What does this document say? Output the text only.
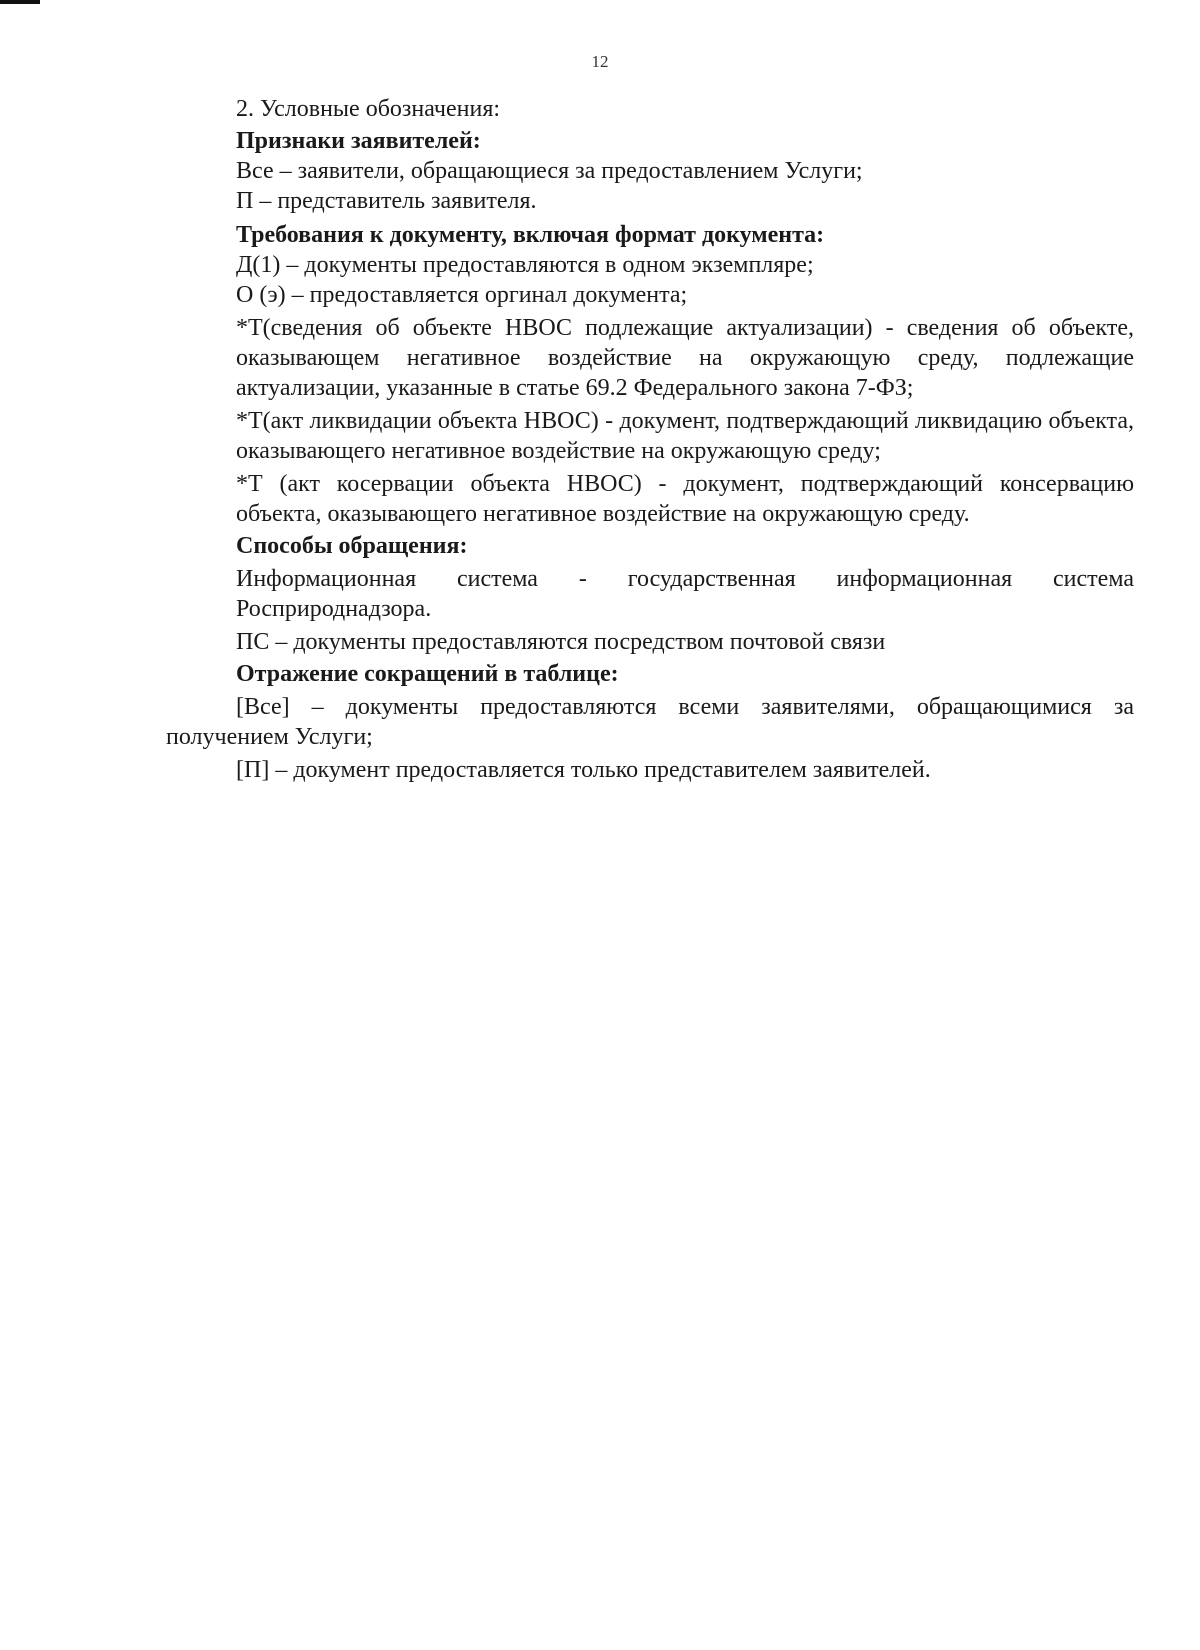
12

2. Условные обозначения:

Признаки заявителей:

Все – заявители, обращающиеся за предоставлением Услуги;

П – представитель заявителя.

Требования к документу, включая формат документа:

Д(1) – документы предоставляются в одном экземпляре;

О (э) – предоставляется оргинал документа;

*Т(сведения об объекте НВОС подлежащие актуализации) - сведения об объекте, оказывающем негативное воздействие на окружающую среду, подлежащие актуализации, указанные в статье 69.2 Федерального закона 7-ФЗ;

*Т(акт ликвидации объекта НВОС) - документ, подтверждающий ликвидацию объекта, оказывающего негативное воздействие на окружающую среду;

*Т (акт косервации объекта НВОС) - документ, подтверждающий консервацию объекта, оказывающего негативное воздействие на окружающую среду.

Способы обращения:

Информационная система - государственная информационная система Росприроднадзора.

ПС – документы предоставляются посредством почтовой связи

Отражение сокращений в таблице:

[Все] – документы предоставляются всеми заявителями, обращающимися за получением Услуги;

[П] – документ предоставляется только представителем заявителей.
